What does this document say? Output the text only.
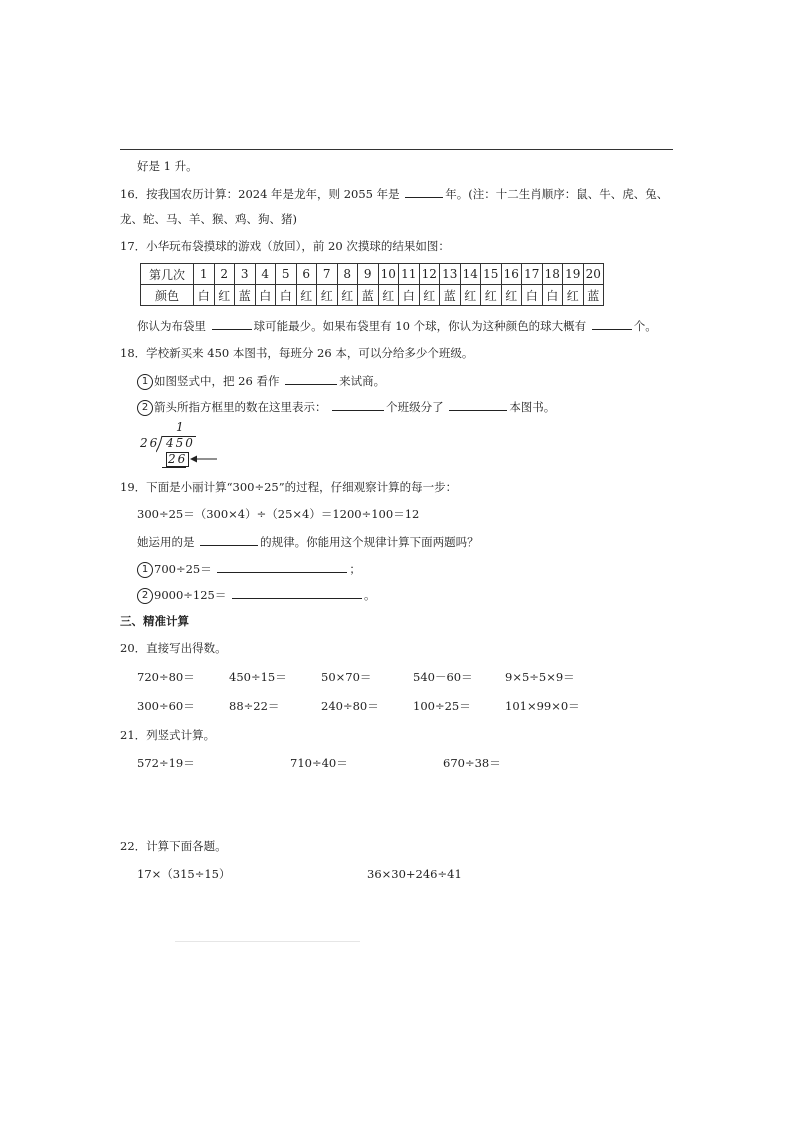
好是 1 升。
16．按我国农历计算：2024 年是龙年，则 2055 年是	年。(注：十二生肖顺序：鼠、牛、虎、兔、
龙、蛇、马、羊、猴、鸡、狗、猪)
17．小华玩布袋摸球的游戏（放回），前 20 次摸球的结果如图：
第几次	1	2	3	4	5	6	7	8	9	10	11	12	13	14	15	16	17	18	19	20
颜色	白	红	蓝	白	白	红	红	红	蓝	红	白	红	蓝	红	红	红	白	白	红	蓝
你认为布袋里	球可能最少。如果布袋里有 10 个球，你认为这种颜色的球大概有	个。
18．学校新买来 450 本图书，每班分 26 本，可以分给多少个班级。
1 如图竖式中，把 26 看作	来试商。
2 箭头所指方框里的数在这里表示：	个班级分了	本图书。
1
26 450
26
19．下面是小丽计算“300÷25”的过程，仔细观察计算的每一步：
300÷25＝（300×4）÷（25×4）＝1200÷100＝12
她运用的是	的规律。你能用这个规律计算下面两题吗？
1 700÷25＝	；
2 9000÷125＝	。
三、精准计算
20．直接写出得数。
720÷80＝	450÷15＝	50×70＝	540－60＝	9×5÷5×9＝
300÷60＝	88÷22＝	240÷80＝	100÷25＝	101×99×0＝
21．列竖式计算。
572÷19＝	710÷40＝	670÷38＝
22．计算下面各题。
17×（315÷15）	36×30+246÷41
